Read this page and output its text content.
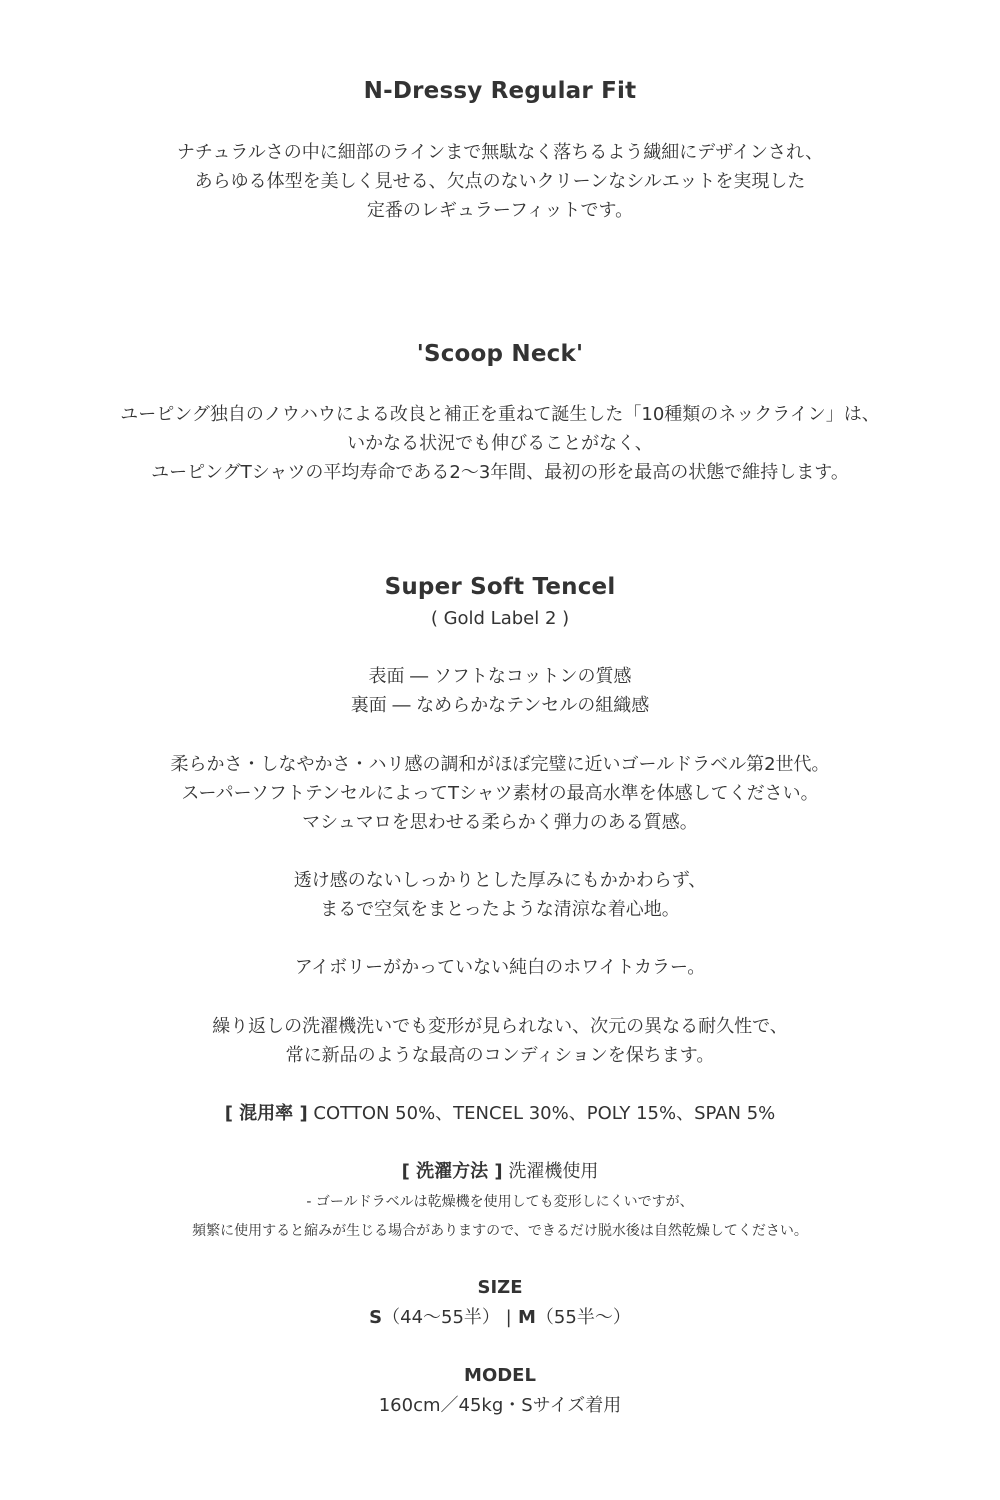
N-Dressy Regular Fit
ナチュラルさの中に細部のラインまで無駄なく落ちるよう繊細にデザインされ、
あらゆる体型を美しく見せる、欠点のないクリーンなシルエットを実現した
定番のレギュラーフィットです。
'Scoop Neck'
ユーピング独自のノウハウによる改良と補正を重ねて誕生した「10種類のネックライン」は、
いかなる状況でも伸びることがなく、
ユーピングTシャツの平均寿命である2〜3年間、最初の形を最高の状態で維持します。
Super Soft Tencel
( Gold Label 2 )
表面 ― ソフトなコットンの質感
裏面 ― なめらかなテンセルの組織感
柔らかさ・しなやかさ・ハリ感の調和がほぼ完璧に近いゴールドラベル第2世代。
スーパーソフトテンセルによってTシャツ素材の最高水準を体感してください。
マシュマロを思わせる柔らかく弾力のある質感。
透け感のないしっかりとした厚みにもかかわらず、
まるで空気をまとったような清涼な着心地。
アイボリーがかっていない純白のホワイトカラー。
繰り返しの洗濯機洗いでも変形が見られない、次元の異なる耐久性で、
常に新品のような最高のコンディションを保ちます。
[ 混用率 ] COTTON 50%、TENCEL 30%、POLY 15%、SPAN 5%
[ 洗濯方法 ] 洗濯機使用
- ゴールドラベルは乾燥機を使用しても変形しにくいですが、
頻繁に使用すると縮みが生じる場合がありますので、できるだけ脱水後は自然乾燥してください。
SIZE
S（44〜55半） | M（55半〜）
MODEL
160cm／45kg・Sサイズ着用
